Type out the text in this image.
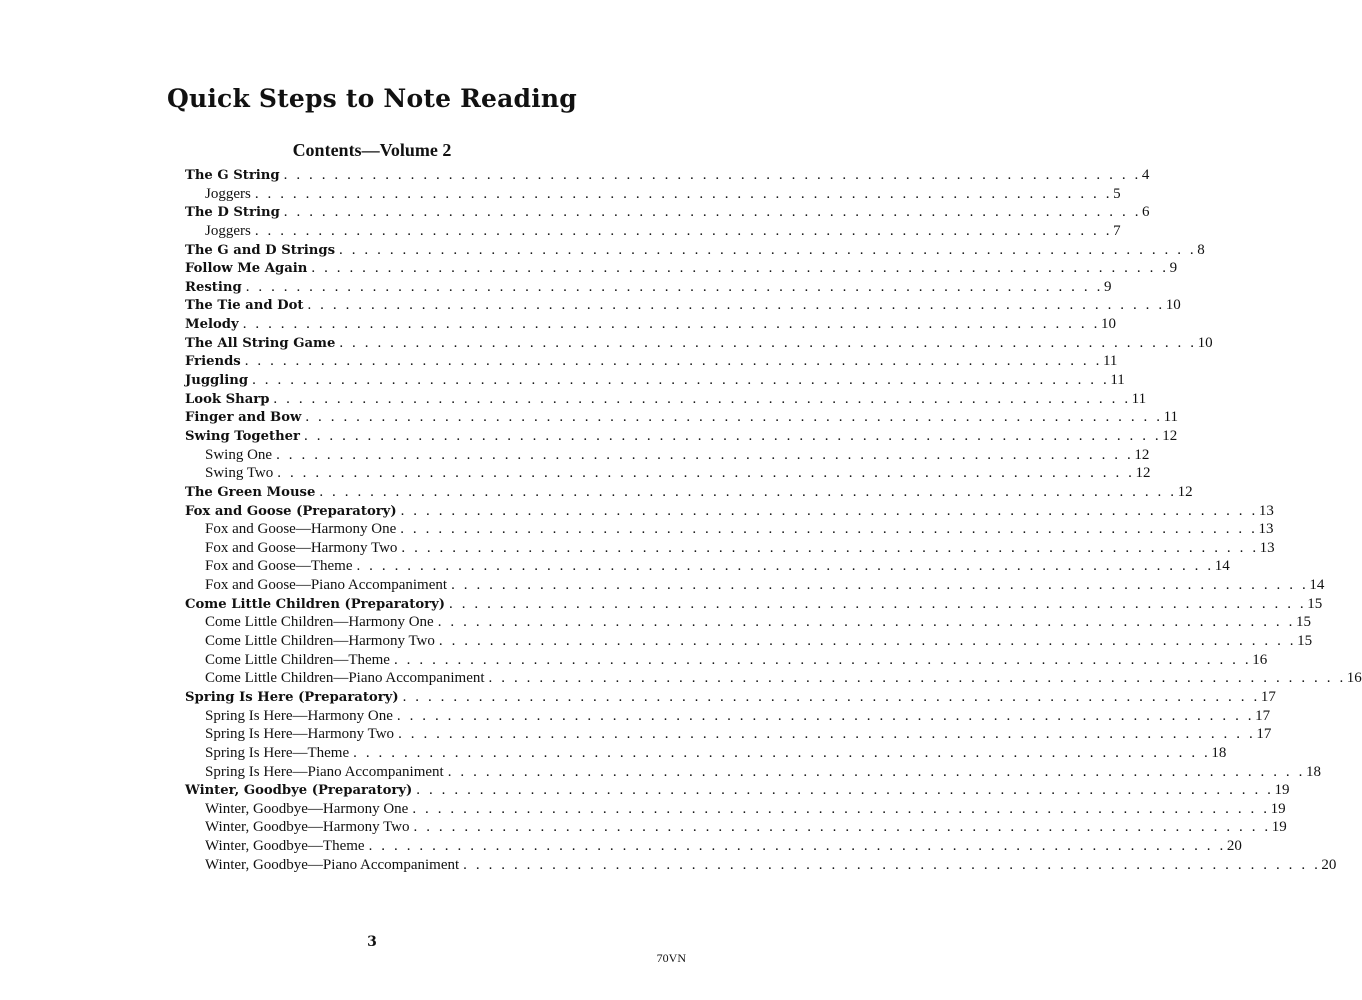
Quick Steps to Note Reading
Contents—Volume 2
The G String . . . . . . . . . . . . . . . . . . . . . . . . . . . . . . . . . . . . . . . . . . . . . . . . . . . . . . . . . . . . . . . . . . . . 4
Joggers . . . . . . . . . . . . . . . . . . . . . . . . . . . . . . . . . . . . . . . . . . . . . . . . . . . . . . . . . . . . . . . . . . . . 5
The D String . . . . . . . . . . . . . . . . . . . . . . . . . . . . . . . . . . . . . . . . . . . . . . . . . . . . . . . . . . . . . . . . . . . . 6
Joggers . . . . . . . . . . . . . . . . . . . . . . . . . . . . . . . . . . . . . . . . . . . . . . . . . . . . . . . . . . . . . . . . . . . . 7
The G and D Strings . . . . . . . . . . . . . . . . . . . . . . . . . . . . . . . . . . . . . . . . . . . . . . . . . . . . . . . . . . . . . . . . . . . . 8
Follow Me Again . . . . . . . . . . . . . . . . . . . . . . . . . . . . . . . . . . . . . . . . . . . . . . . . . . . . . . . . . . . . . . . . . . . . 9
Resting . . . . . . . . . . . . . . . . . . . . . . . . . . . . . . . . . . . . . . . . . . . . . . . . . . . . . . . . . . . . . . . . . . . . 9
The Tie and Dot . . . . . . . . . . . . . . . . . . . . . . . . . . . . . . . . . . . . . . . . . . . . . . . . . . . . . . . . . . . . . . . . . . . . 10
Melody . . . . . . . . . . . . . . . . . . . . . . . . . . . . . . . . . . . . . . . . . . . . . . . . . . . . . . . . . . . . . . . . . . . . 10
The All String Game . . . . . . . . . . . . . . . . . . . . . . . . . . . . . . . . . . . . . . . . . . . . . . . . . . . . . . . . . . . . . . . . . . . . 10
Friends . . . . . . . . . . . . . . . . . . . . . . . . . . . . . . . . . . . . . . . . . . . . . . . . . . . . . . . . . . . . . . . . . . . . 11
Juggling . . . . . . . . . . . . . . . . . . . . . . . . . . . . . . . . . . . . . . . . . . . . . . . . . . . . . . . . . . . . . . . . . . . . 11
Look Sharp . . . . . . . . . . . . . . . . . . . . . . . . . . . . . . . . . . . . . . . . . . . . . . . . . . . . . . . . . . . . . . . . . . . . 11
Finger and Bow . . . . . . . . . . . . . . . . . . . . . . . . . . . . . . . . . . . . . . . . . . . . . . . . . . . . . . . . . . . . . . . . . . . . 11
Swing Together . . . . . . . . . . . . . . . . . . . . . . . . . . . . . . . . . . . . . . . . . . . . . . . . . . . . . . . . . . . . . . . . . . . . 12
Swing One . . . . . . . . . . . . . . . . . . . . . . . . . . . . . . . . . . . . . . . . . . . . . . . . . . . . . . . . . . . . . . . . . . . . 12
Swing Two . . . . . . . . . . . . . . . . . . . . . . . . . . . . . . . . . . . . . . . . . . . . . . . . . . . . . . . . . . . . . . . . . . . . 12
The Green Mouse . . . . . . . . . . . . . . . . . . . . . . . . . . . . . . . . . . . . . . . . . . . . . . . . . . . . . . . . . . . . . . . . . . . . 12
Fox and Goose (Preparatory) . . . . . . . . . . . . . . . . . . . . . . . . . . . . . . . . . . . . . . . . . . . . . . . . . . . . . . . . . . . . . . . . . . . . 13
Fox and Goose—Harmony One . . . . . . . . . . . . . . . . . . . . . . . . . . . . . . . . . . . . . . . . . . . . . . . . . . . . . . . . . . . . . . . . . . . . 13
Fox and Goose—Harmony Two . . . . . . . . . . . . . . . . . . . . . . . . . . . . . . . . . . . . . . . . . . . . . . . . . . . . . . . . . . . . . . . . . . . . 13
Fox and Goose—Theme . . . . . . . . . . . . . . . . . . . . . . . . . . . . . . . . . . . . . . . . . . . . . . . . . . . . . . . . . . . . . . . . . . . . 14
Fox and Goose—Piano Accompaniment . . . . . . . . . . . . . . . . . . . . . . . . . . . . . . . . . . . . . . . . . . . . . . . . . . . . . . . . . . . . . . . . . . . . 14
Come Little Children (Preparatory) . . . . . . . . . . . . . . . . . . . . . . . . . . . . . . . . . . . . . . . . . . . . . . . . . . . . . . . . . . . . . . . . . . . . 15
Come Little Children—Harmony One . . . . . . . . . . . . . . . . . . . . . . . . . . . . . . . . . . . . . . . . . . . . . . . . . . . . . . . . . . . . . . . . . . . . 15
Come Little Children—Harmony Two . . . . . . . . . . . . . . . . . . . . . . . . . . . . . . . . . . . . . . . . . . . . . . . . . . . . . . . . . . . . . . . . . . . . 15
Come Little Children—Theme . . . . . . . . . . . . . . . . . . . . . . . . . . . . . . . . . . . . . . . . . . . . . . . . . . . . . . . . . . . . . . . . . . . . 16
Come Little Children—Piano Accompaniment . . . . . . . . . . . . . . . . . . . . . . . . . . . . . . . . . . . . . . . . . . . . . . . . . . . . . . . . . . . . . . . . . . . . 16
Spring Is Here (Preparatory) . . . . . . . . . . . . . . . . . . . . . . . . . . . . . . . . . . . . . . . . . . . . . . . . . . . . . . . . . . . . . . . . . . . . 17
Spring Is Here—Harmony One . . . . . . . . . . . . . . . . . . . . . . . . . . . . . . . . . . . . . . . . . . . . . . . . . . . . . . . . . . . . . . . . . . . . 17
Spring Is Here—Harmony Two . . . . . . . . . . . . . . . . . . . . . . . . . . . . . . . . . . . . . . . . . . . . . . . . . . . . . . . . . . . . . . . . . . . . 17
Spring Is Here—Theme . . . . . . . . . . . . . . . . . . . . . . . . . . . . . . . . . . . . . . . . . . . . . . . . . . . . . . . . . . . . . . . . . . . . 18
Spring Is Here—Piano Accompaniment . . . . . . . . . . . . . . . . . . . . . . . . . . . . . . . . . . . . . . . . . . . . . . . . . . . . . . . . . . . . . . . . . . . . 18
Winter, Goodbye (Preparatory) . . . . . . . . . . . . . . . . . . . . . . . . . . . . . . . . . . . . . . . . . . . . . . . . . . . . . . . . . . . . . . . . . . . . 19
Winter, Goodbye—Harmony One . . . . . . . . . . . . . . . . . . . . . . . . . . . . . . . . . . . . . . . . . . . . . . . . . . . . . . . . . . . . . . . . . . . . 19
Winter, Goodbye—Harmony Two . . . . . . . . . . . . . . . . . . . . . . . . . . . . . . . . . . . . . . . . . . . . . . . . . . . . . . . . . . . . . . . . . . . . 19
Winter, Goodbye—Theme . . . . . . . . . . . . . . . . . . . . . . . . . . . . . . . . . . . . . . . . . . . . . . . . . . . . . . . . . . . . . . . . . . . . 20
Winter, Goodbye—Piano Accompaniment . . . . . . . . . . . . . . . . . . . . . . . . . . . . . . . . . . . . . . . . . . . . . . . . . . . . . . . . . . . . . . . . . . . . 20
3
70VN
